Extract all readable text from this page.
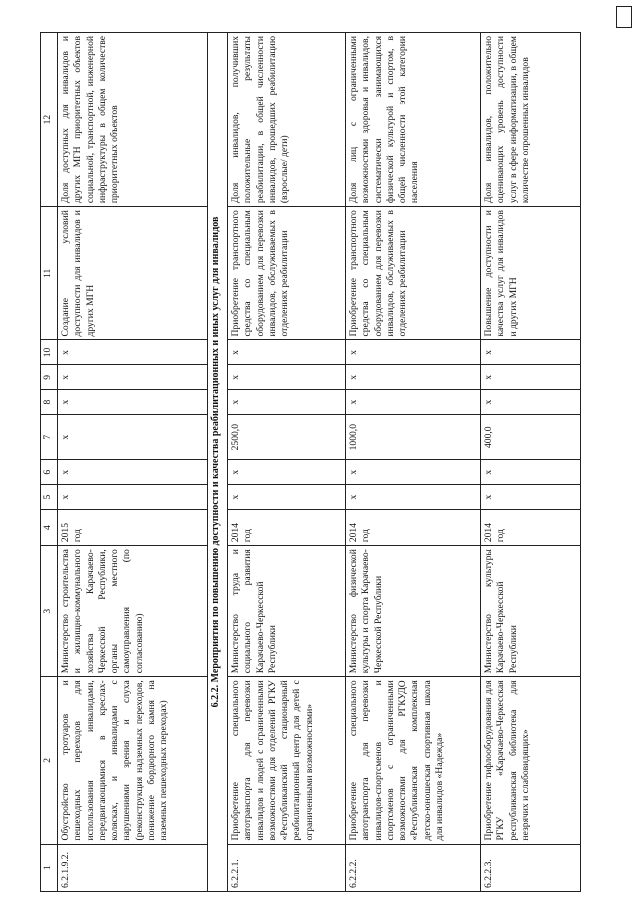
1	2	3	4	5	6	7	8	9	10	11	12
6.2.1.9.2.	Обустройство тротуаров и пешеходных переходов для использования инвалидами, передвигающимися в креслах-колясках, и инвалидами с нарушениями зрения и слуха (реконструкция надземных переходов, понижение бордюрного камня на наземных пешеходных переходах)	Министерство строительства и жилищно-коммунального хозяйства Карачаево-Черкесской Республики, органы местного самоуправления (по согласованию)	2015 год	x	x	x	x	x	x	Создание условий доступности для инвалидов и других МГН	Доля доступных для инвалидов и других МГН приоритетных объектов социальной, транспортной, инженерной инфраструктуры в общем количестве приоритетных объектов
6.2.2. Мероприятия по повышению доступности и качества реабилитационных и иных услуг для инвалидов											
6.2.2.1.	Приобретение специального автотранспорта для перевозки инвалидов и людей с ограниченными возможностями для отделений РГКУ «Республиканский стационарный реабилитационный центр для детей с ограниченными возможностями»	Министерство труда и социального развития Карачаево-Черкесской Республики	2014 год	x	x	2500,0	x	x	x	Приобретение транспортного средства со специальным оборудованием для перевозки инвалидов, обслуживаемых в отделениях реабилитации	Доля инвалидов, получивших положительные результаты реабилитации, в общей численности инвалидов, прошедших реабилитацию (взрослые/ дети)
6.2.2.2.	Приобретение специального автотранспорта для перевозки инвалидов-спортсменов и спортсменов с ограниченными возможностями для РГКУДО «Республиканская комплексная детско-юношеская спортивная школа для инвалидов «Надежда»	Министерство физической культуры и спорта Карачаево-Черкесской Республики	2014 год	x	x	1000,0	x	x	x	Приобретение транспортного средства со специальным оборудованием для перевозки инвалидов, обслуживаемых в отделениях реабилитации	Доля лиц с ограниченными возможностями здоровья и инвалидов, систематически занимающихся физической культурой и спортом, в общей численности этой категории населения
6.2.2.3.	Приобретение тифлооборудования для РГКУ «Карачаево-Черкесская республиканская библиотека для незрячих и слабовидящих»	Министерство культуры Карачаево-Черкесской Республики	2014 год	x	x	400,0	x	x	x	Повышение доступности и качества услуг для инвалидов и других МГН	Доля инвалидов, положительно оценивающих уровень доступности услуг в сфере информатизации, в общем количестве опрошенных инвалидов
